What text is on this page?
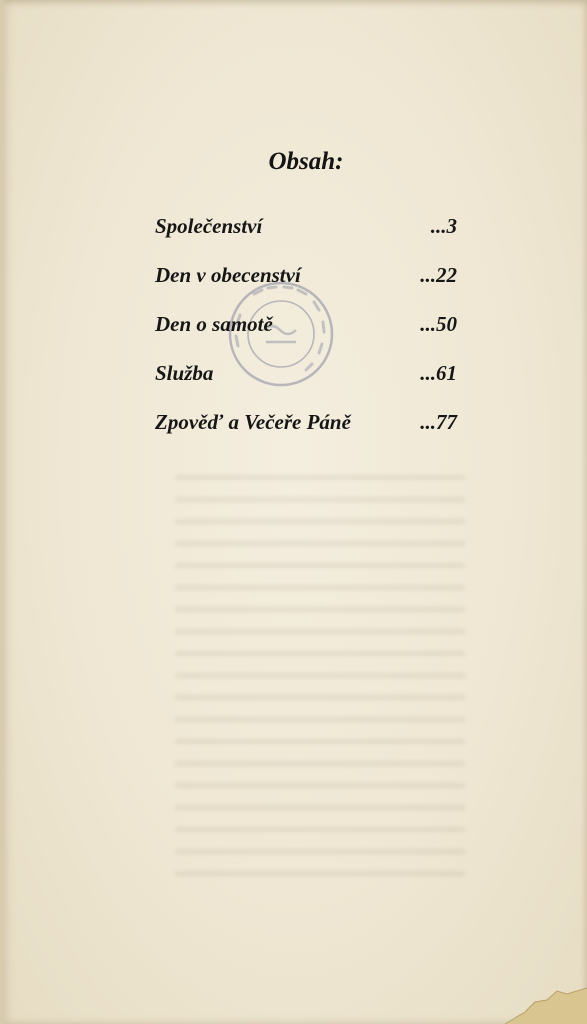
Obsah:
Společenství	...3
Den v obecenství	...22
Den o samotě	...50
Služba	...61
Zpověď a Večeře Páně	...77
